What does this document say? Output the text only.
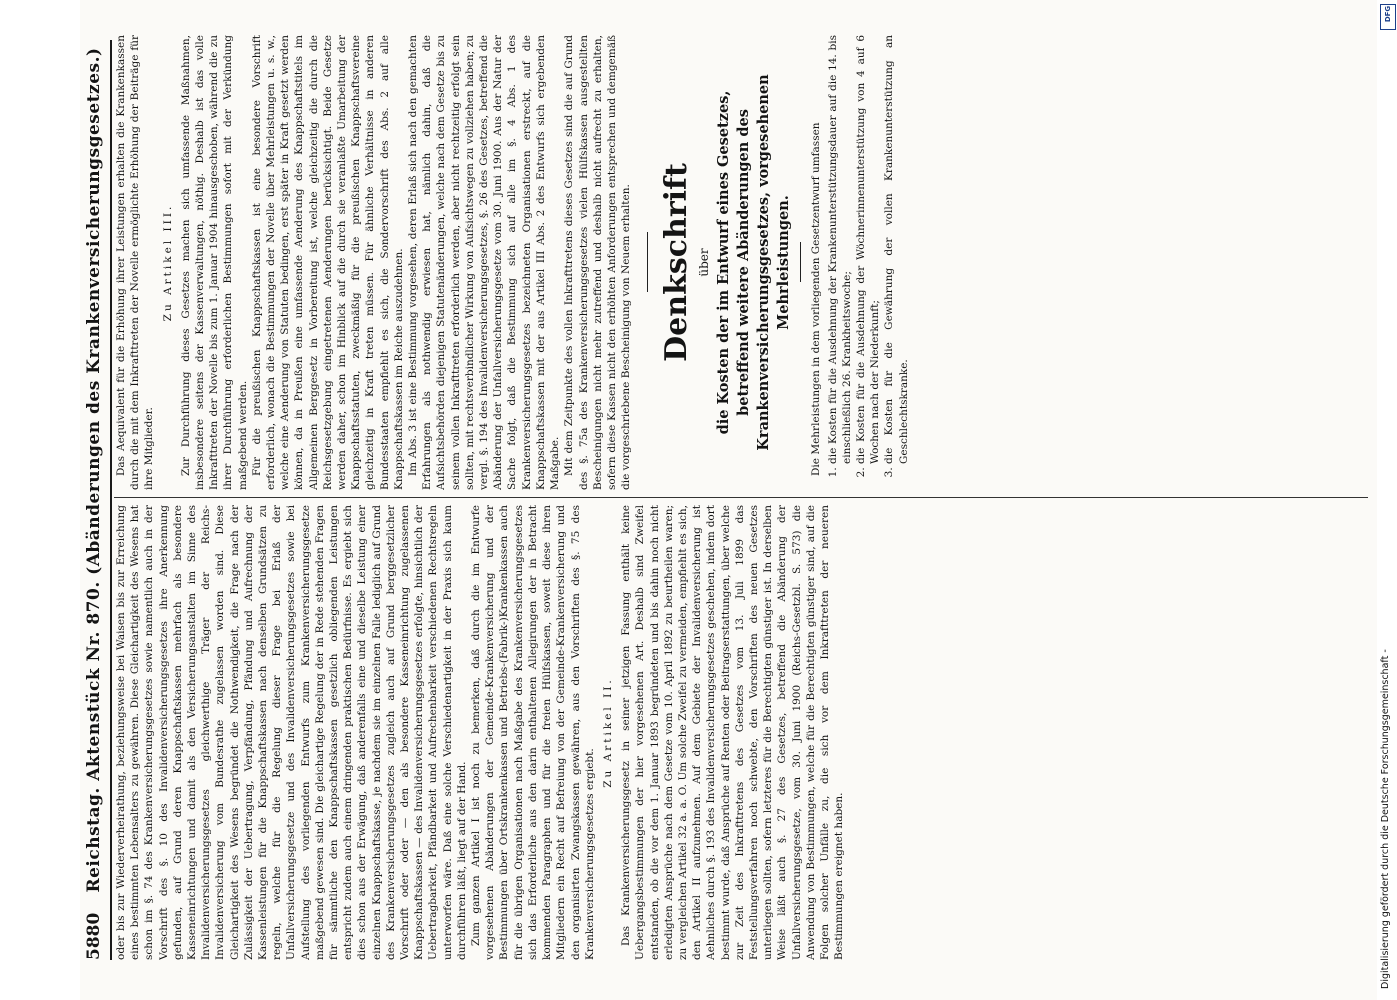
5880
Reichstag. Aktenstück Nr. 870. (Abänderungen des Krankenversicherungsgesetzes.) oder bis zur Wiederverheirathung, beziehungsweise bei Waisen bis zur Erreichung eines bestimmten Lebensalters zu gewähren. Diese Gleichartigkeit des Wesens hat schon im §. 74 des Krankenversicherungsgesetzes sowie namentlich auch in der Vorschrift des §. 10 des Invalidenversicherungsgesetzes ihre Anerkennung gefunden, auf Grund deren Knappschaftskassen mehrfach als besondere Kasseneinrichtungen und damit als den Versicherungsanstalten im Sinne des Invalidenversicherungsgesetzes gleichwerthige Träger der Reichs-Invalidenversicherung vom Bundesrathe zugelassen worden sind. Diese Gleichartigkeit des Wesens begründet die Nothwendigkeit, die Frage nach der Zulässigkeit der Uebertragung, Verpfändung, Pfändung und Aufrechnung der Kassenleistungen für die Knappschaftskassen nach denselben Grundsätzen zu regeln, welche für die Regelung dieser Frage bei Erlaß der Unfallversicherungsgesetze und des Invalidenversicherungsgesetzes sowie bei Aufstellung des vorliegenden Entwurfs zum Krankenversicherungsgesetze maßgebend gewesen sind. Die gleichartige Regelung der in Rede stehenden Fragen für sämmtliche den Knappschaftskassen gesetzlich obliegenden Leistungen entspricht zudem auch einem dringenden praktischen Bedürfnisse. Es ergiebt sich dies schon aus der Erwägung, daß anderenfalls eine und dieselbe Leistung einer einzelnen Knappschaftskasse, je nachdem sie im einzelnen Falle lediglich auf Grund des Krankenversicherungsgesetzes zugleich auch auf Grund berggesetzlicher Vorschrift oder oder — den als besondere Kasseneinrichtung zugelassenen Knappschaftskassen — des Invalidenversicherungsgesetzes erfolgte, hinsichtlich der Uebertragbarkeit, Pfändbarkeit und Aufrechenbarkeit verschiedenen Rechtsregeln unterworfen wäre. Daß eine solche Verschiedenartigkeit in der Praxis sich kaum durchführen läßt, liegt auf der Hand. Zum ganzen Artikel I ist noch zu bemerken, daß durch die im Entwurfe vorgesehenen Abänderungen der Gemeinde-Krankenversicherung und der Bestimmungen über Ortskrankenkassen und Betriebs-(Fabrik-)Krankenkassen auch für die übrigen Organisationen nach Maßgabe des Krankenversicherungsgesetzes sich das Erforderliche aus den darin enthaltenen Allegirungen der in Betracht kommenden Paragraphen und für die freien Hülfskassen, soweit diese ihren Mitgliedern ein Recht auf Befreiung von der Gemeinde-Krankenversicherung und den organisirten Zwangskassen gewähren, aus den Vorschriften des §. 75 des Krankenversicherungsgesetzes ergiebt.

Zu Artikel II. Das Krankenversicherungsgesetz in seiner jetzigen Fassung enthält keine Uebergangsbestimmungen der hier vorgesehenen Art. Deshalb sind Zweifel entstanden, ob die vor dem 1. Januar 1893 begründeten und bis dahin noch nicht erledigten Ansprüche nach dem Gesetze vom 10. April 1892 zu beurtheilen waren; zu vergleichen Artikel 32 a. a. O. Um solche Zweifel zu vermeiden, empfiehlt es sich, den Artikel II aufzunehmen. Auf dem Gebiete der Invalidenversicherung ist Aehnliches durch §. 193 des Invalidenversicherungsgesetzes geschehen, indem dort bestimmt wurde, daß Ansprüche auf Renten oder Beitragserstattungen, über welche zur Zeit des Inkrafttretens des Gesetzes vom 13. Juli 1899 das Feststellungsverfahren noch schwebte, den Vorschriften des neuen Gesetzes unterliegen sollten, sofern letzteres für die Berechtigten günstiger ist. In derselben Weise läßt auch §. 27 des Gesetzes, betreffend die Abänderung der Unfallversicherungsgesetze, vom 30. Juni 1900 (Reichs-Gesetzbl. S. 573) die Anwendung von Bestimmungen, welche für die Berechtigten günstiger sind, auf die Folgen solcher Unfälle zu, die sich vor dem Inkrafttreten der neueren Bestimmungen ereignet haben.

Das Aequivalent für die Erhöhung ihrer Leistungen erhalten die Krankenkassen durch die mit dem Inkrafttreten der Novelle ermöglichte Erhöhung der Beiträge für ihre Mitglieder.

Zu Artikel III. Zur Durchführung dieses Gesetzes machen sich umfassende Maßnahmen, insbesondere seitens der Kassenverwaltungen, nöthig. Deshalb ist das volle Inkrafttreten der Novelle bis zum 1. Januar 1904 hinausgeschoben, während die zu ihrer Durchführung erforderlichen Bestimmungen sofort mit der Verkündung maßgebend werden. Für die preußischen Knappschaftskassen ist eine besondere Vorschrift erforderlich, wonach die Bestimmungen der Novelle über Mehrleistungen u. s. w., welche eine Aenderung von Statuten bedingen, erst später in Kraft gesetzt werden können, da in Preußen eine umfassende Aenderung des Knappschaftstitels im Allgemeinen Berggesetz in Vorbereitung ist, welche gleichzeitig die durch die Reichsgesetzgebung eingetretenen Aenderungen berücksichtigt. Beide Gesetze werden daher, schon im Hinblick auf die durch sie veranlaßte Umarbeitung der Knappschaftsstatuten, zweckmäßig für die preußischen Knappschaftsvereine gleichzeitig in Kraft treten müssen. Für ähnliche Verhältnisse in anderen Bundesstaaten empfiehlt es sich, die Sondervorschrift des Abs. 2 auf alle Knappschaftskassen im Reiche auszudehnen. Im Abs. 3 ist eine Bestimmung vorgesehen, deren Erlaß sich nach den gemachten Erfahrungen als nothwendig erwiesen hat, nämlich dahin, daß die Aufsichtsbehörden diejenigen Statutenänderungen, welche nach dem Gesetze bis zu seinem vollen Inkrafttreten erforderlich werden, aber nicht rechtzeitig erfolgt sein sollten, mit rechtsverbindlicher Wirkung von Aufsichtswegen zu vollziehen haben; zu vergl. §. 194 des Invalidenversicherungsgesetzes, §. 26 des Gesetzes, betreffend die Abänderung der Unfallversicherungsgesetze vom 30. Juni 1900. Aus der Natur der Sache folgt, daß die Bestimmung sich auf alle im §. 4 Abs. 1 des Krankenversicherungsgesetzes bezeichneten Organisationen erstreckt, auf die Knappschaftskassen mit der aus Artikel III Abs. 2 des Entwurfs sich ergebenden Maßgabe. Mit dem Zeitpunkte des vollen Inkrafttretens dieses Gesetzes sind die auf Grund des §. 75a des Krankenversicherungsgesetzes vielen Hülfskassen ausgestellten Bescheinigungen nicht mehr zutreffend und deshalb nicht aufrecht zu erhalten, sofern diese Kassen nicht den erhöhten Anforderungen entsprechen und demgemäß die vorgeschriebene Bescheinigung von Neuem erhalten. Denkschrift über die Kosten der im Entwurf eines Gesetzes, betreffend weitere Abänderungen des Krankenversicherungsgesetzes, vorgesehenen Mehrleistungen. Die Mehrleistungen in dem vorliegenden Gesetzentwurf umfassen 1. die Kosten für die Ausdehnung der Krankenunterstützungsdauer auf die 14. bis einschließlich 26. Krankheitswoche; 2. die Kosten für die Ausdehnung der Wöchnerinnenunterstützung von 4 auf 6 Wochen nach der Niederkunft; 3. die Kosten für die Gewährung der vollen Krankenunterstützung an Geschlechtskranke.
Digitalisierung gefördert durch die Deutsche Forschungsgemeinschaft -
DFG
